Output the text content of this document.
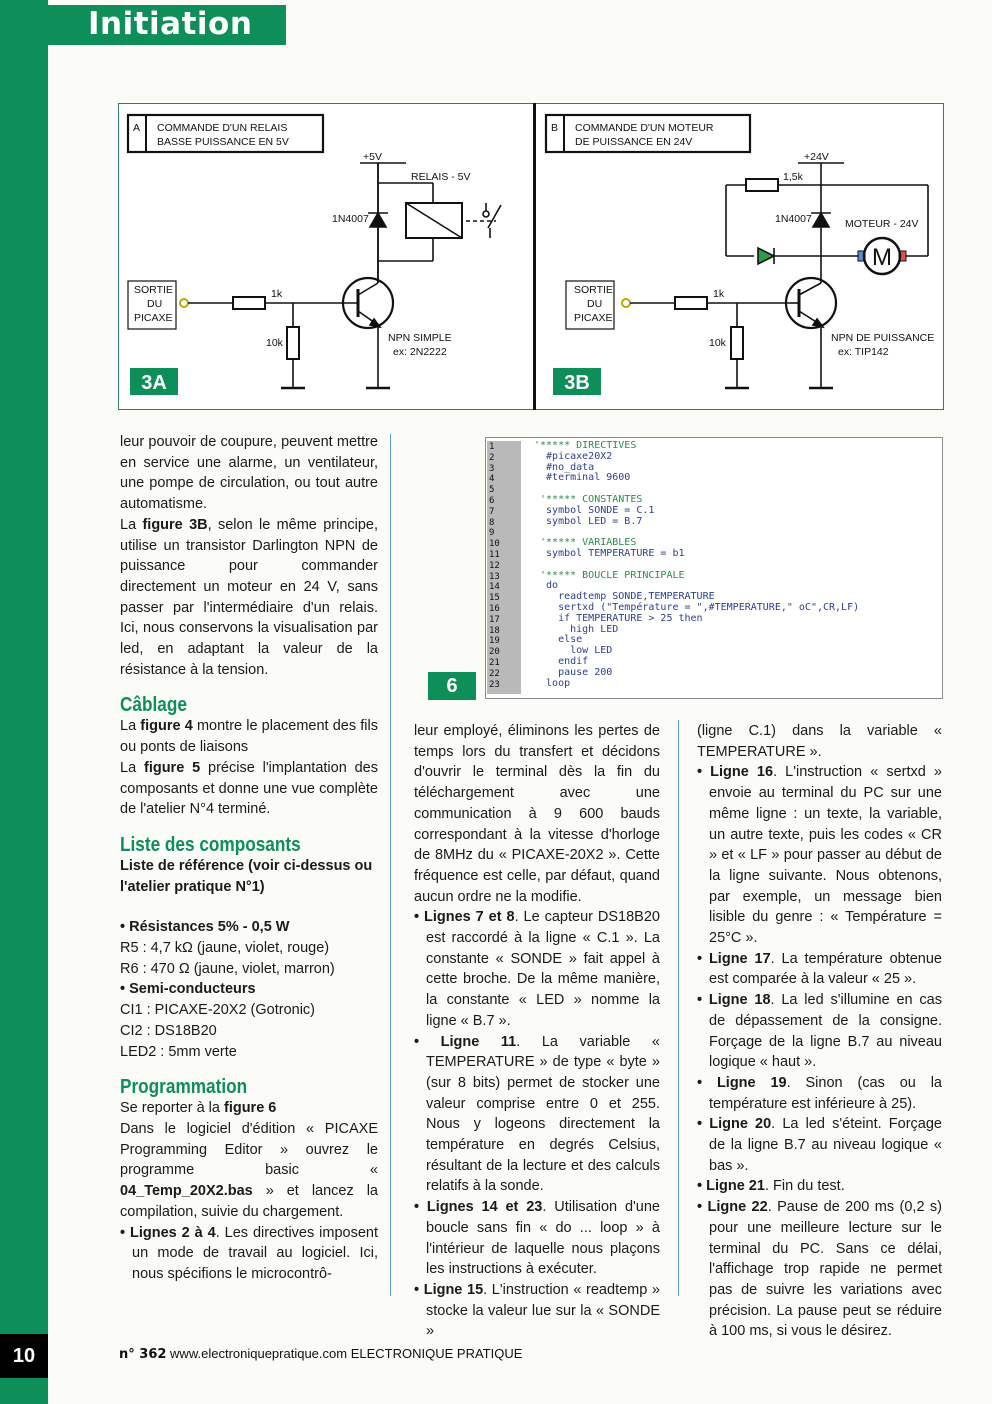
Initiation
10
A COMMANDE D'UN RELAIS
BASSE PUISSANCE EN 5V
+5V
RELAIS - 5V
1N4007
SORTIE
DU
PICAXE
1k
10k	NPN SIMPLE
ex: 2N2222
3A
B COMMANDE D'UN MOTEUR
DE PUISSANCE EN 24V
+24V
1,5k
1N4007	MOTEUR - 24V
M
SORTIE
DU
PICAXE
1k
10k	NPN DE PUISSANCE
ex: TIP142
3B
1
2
3
4
5
6
7
8
9
10
11
12
13
14
15
16
17
18
19
20
21
22
23
'***** DIRECTIVES
#picaxe20X2
#no_data
#terminal 9600

'***** CONSTANTES
symbol SONDE = C.1
symbol LED = B.7

'***** VARIABLES
symbol TEMPERATURE = b1

'***** BOUCLE PRINCIPALE
do
readtemp SONDE,TEMPERATURE
sertxd ("Température = ",#TEMPERATURE," oC",CR,LF)
if TEMPERATURE > 25 then
high LED
else
low LED
endif
pause 200
loop
6

leur pouvoir de coupure, peuvent mettre en service une alarme, un ventilateur, une pompe de circulation, ou tout autre automatisme.

La figure 3B, selon le même principe, utilise un transistor Darlington NPN de puissance pour commander directement un moteur en 24 V, sans passer par l'intermédiaire d'un relais. Ici, nous conservons la visualisation par led, en adaptant la valeur de la résistance à la tension.

Câblage

La figure 4 montre le placement des fils ou ponts de liaisons

La figure 5 précise l'implantation des composants et donne une vue complète de l'atelier N°4 terminé.

Liste des composants

Liste de référence (voir ci-dessus ou l'atelier pratique N°1)

• Résistances 5% - 0,5 W

R5 : 4,7 kΩ (jaune, violet, rouge)

R6 : 470 Ω (jaune, violet, marron)

• Semi-conducteurs

CI1 : PICAXE-20X2 (Gotronic)

CI2 : DS18B20

LED2 : 5mm verte

Programmation

Se reporter à la figure 6

Dans le logiciel d'édition « PICAXE Programming Editor » ouvrez le programme basic « 04_Temp_20X2.bas » et lancez la compilation, suivie du chargement.

• Lignes 2 à 4. Les directives imposent un mode de travail au logiciel. Ici, nous spécifions le microcontrô-

leur employé, éliminons les pertes de temps lors du transfert et décidons d'ouvrir le terminal dès la fin du téléchargement avec une communication à 9 600 bauds correspondant à la vitesse d'horloge de 8MHz du « PICAXE-20X2 ». Cette fréquence est celle, par défaut, quand aucun ordre ne la modifie.

• Lignes 7 et 8. Le capteur DS18B20 est raccordé à la ligne « C.1 ». La constante « SONDE » fait appel à cette broche. De la même manière, la constante « LED » nomme la ligne « B.7 ».

• Ligne 11. La variable « TEMPERATURE » de type « byte » (sur 8 bits) permet de stocker une valeur comprise entre 0 et 255. Nous y logeons directement la température en degrés Celsius, résultant de la lecture et des calculs relatifs à la sonde.

• Lignes 14 et 23. Utilisation d'une boucle sans fin « do ... loop » à l'intérieur de laquelle nous plaçons les instructions à exécuter.

• Ligne 15. L'instruction « readtemp » stocke la valeur lue sur la « SONDE »

(ligne C.1) dans la variable « TEMPERATURE ».

• Ligne 16. L'instruction « sertxd » envoie au terminal du PC sur une même ligne : un texte, la variable, un autre texte, puis les codes « CR » et « LF » pour passer au début de la ligne suivante. Nous obtenons, par exemple, un message bien lisible du genre : « Température = 25°C ».

• Ligne 17. La température obtenue est comparée à la valeur « 25 ».

• Ligne 18. La led s'illumine en cas de dépassement de la consigne. Forçage de la ligne B.7 au niveau logique « haut ».

• Ligne 19. Sinon (cas ou la température est inférieure à 25).

• Ligne 20. La led s'éteint. Forçage de la ligne B.7 au niveau logique « bas ».

• Ligne 21. Fin du test.

• Ligne 22. Pause de 200 ms (0,2 s) pour une meilleure lecture sur le terminal du PC. Sans ce délai, l'affichage trop rapide ne permet pas de suivre les variations avec précision. La pause peut se réduire à 100 ms, si vous le désirez.

n° 362 www.electroniquepratique.com ELECTRONIQUE PRATIQUE
